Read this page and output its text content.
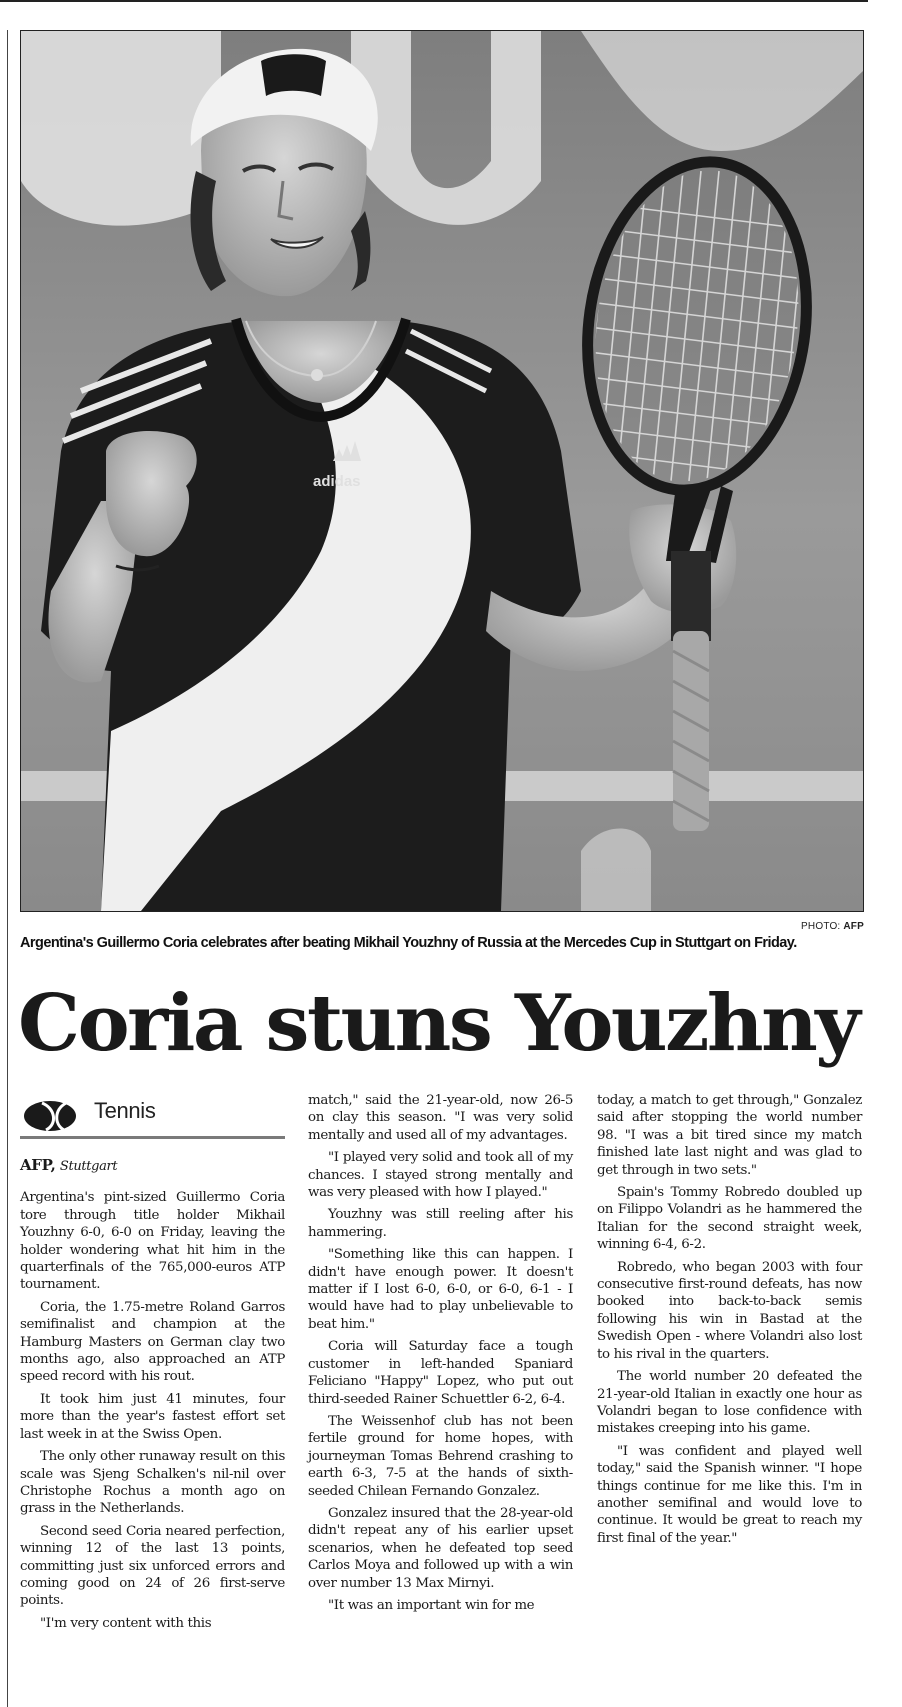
adidas
PHOTO: AFP
Argentina's Guillermo Coria celebrates after beating Mikhail Youzhny of Russia at the Mercedes Cup in Stuttgart on Friday.
Coria stuns Youzhny
Tennis
AFP, Stuttgart

Argentina's pint-sized Guillermo Coria tore through title holder Mikhail Youzhny 6-0, 6-0 on Friday, leaving the holder wondering what hit him in the quarterfinals of the 765,000-euros ATP tournament.

Coria, the 1.75-metre Roland Garros semifinalist and champion at the Hamburg Masters on German clay two months ago, also approached an ATP speed record with his rout.

It took him just 41 minutes, four more than the year's fastest effort set last week in at the Swiss Open.

The only other runaway result on this scale was Sjeng Schalken's nil-nil over Christophe Rochus a month ago on grass in the Netherlands.

Second seed Coria neared perfection, winning 12 of the last 13 points, committing just six unforced errors and coming good on 24 of 26 first-serve points.

"I'm very content with this

match," said the 21-year-old, now 26-5 on clay this season. "I was very solid mentally and used all of my advantages.

"I played very solid and took all of my chances. I stayed strong mentally and was very pleased with how I played."

Youzhny was still reeling after his hammering.

"Something like this can happen. I didn't have enough power. It doesn't matter if I lost 6-0, 6-0, or 6-0, 6-1 - I would have had to play unbelievable to beat him."

Coria will Saturday face a tough customer in left-handed Spaniard Feliciano "Happy" Lopez, who put out third-seeded Rainer Schuettler 6-2, 6-4.

The Weissenhof club has not been fertile ground for home hopes, with journeyman Tomas Behrend crashing to earth 6-3, 7-5 at the hands of sixth-seeded Chilean Fernando Gonzalez.

Gonzalez insured that the 28-year-old didn't repeat any of his earlier upset scenarios, when he defeated top seed Carlos Moya and followed up with a win over number 13 Max Mirnyi.

"It was an important win for me

today, a match to get through," Gonzalez said after stopping the world number 98. "I was a bit tired since my match finished late last night and was glad to get through in two sets."

Spain's Tommy Robredo doubled up on Filippo Volandri as he hammered the Italian for the second straight week, winning 6-4, 6-2.

Robredo, who began 2003 with four consecutive first-round defeats, has now booked into back-to-back semis following his win in Bastad at the Swedish Open - where Volandri also lost to his rival in the quarters.

The world number 20 defeated the 21-year-old Italian in exactly one hour as Volandri began to lose confidence with mistakes creeping into his game.

"I was confident and played well today," said the Spanish winner. "I hope things continue for me like this. I'm in another semifinal and would love to continue. It would be great to reach my first final of the year."
